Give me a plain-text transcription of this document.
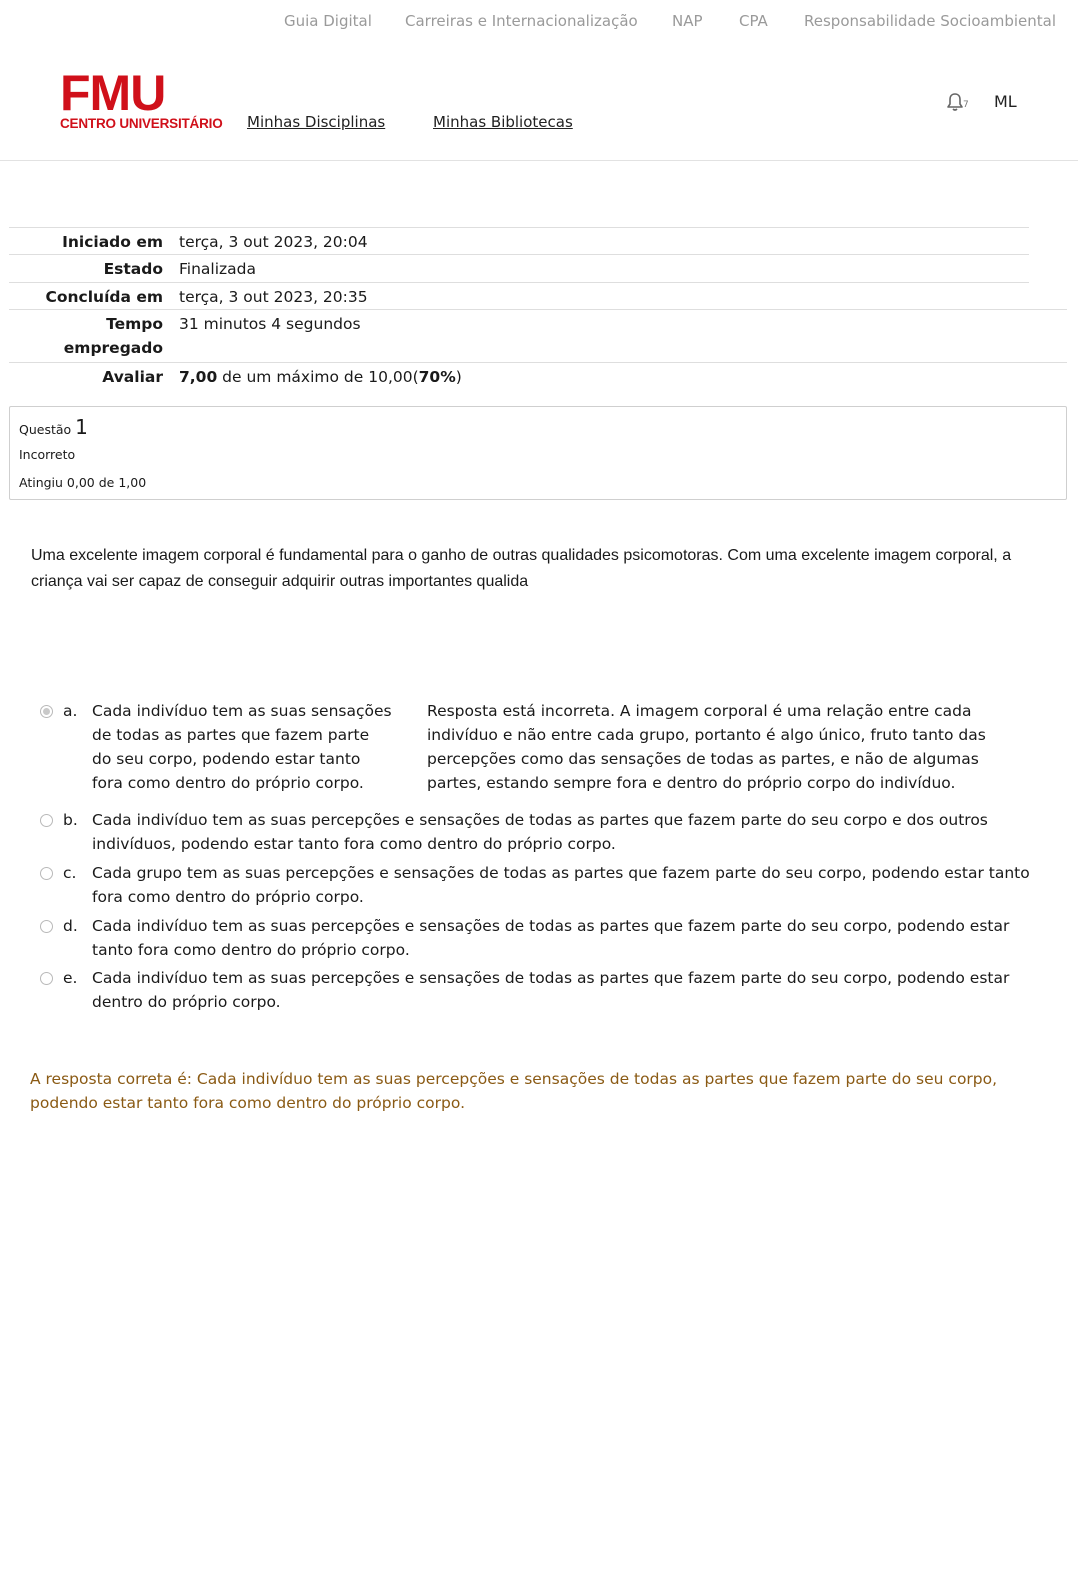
Guia Digital Carreiras e Internacionalização NAP CPA Responsabilidade Socioambiental
FMU
CENTRO UNIVERSITÁRIO Minhas Disciplinas	Minhas Bibliotecas
7 ML
Iniciado em terça, 3 out 2023, 20:04
Estado Finalizada
Concluída em terça, 3 out 2023, 20:35
Tempo empregado
31 minutos 4 segundos
Avaliar 7,00 de um máximo de 10,00(70%)
Questão 1
Incorreto
Atingiu 0,00 de 1,00
Uma excelente imagem corporal é fundamental para o ganho de outras qualidades psicomotoras. Com uma excelente imagem corporal, a criança vai ser capaz de conseguir adquirir outras importantes qualida
a. Cada indivíduo tem as suas sensações de todas as partes que fazem parte do seu corpo, podendo estar tanto fora como dentro do próprio corpo.
Resposta está incorreta. A imagem corporal é uma relação entre cada indivíduo e não entre cada grupo, portanto é algo único, fruto tanto das percepções como das sensações de todas as partes, e não de algumas partes, estando sempre fora e dentro do próprio corpo do indivíduo.
b. Cada indivíduo tem as suas percepções e sensações de todas as partes que fazem parte do seu corpo e dos outros indivíduos, podendo estar tanto fora como dentro do próprio corpo.
c. Cada grupo tem as suas percepções e sensações de todas as partes que fazem parte do seu corpo, podendo estar tanto fora como dentro do próprio corpo.
d. Cada indivíduo tem as suas percepções e sensações de todas as partes que fazem parte do seu corpo, podendo estar tanto fora como dentro do próprio corpo.
e. Cada indivíduo tem as suas percepções e sensações de todas as partes que fazem parte do seu corpo, podendo estar dentro do próprio corpo.
A resposta correta é: Cada indivíduo tem as suas percepções e sensações de todas as partes que fazem parte do seu corpo, podendo estar tanto fora como dentro do próprio corpo.
